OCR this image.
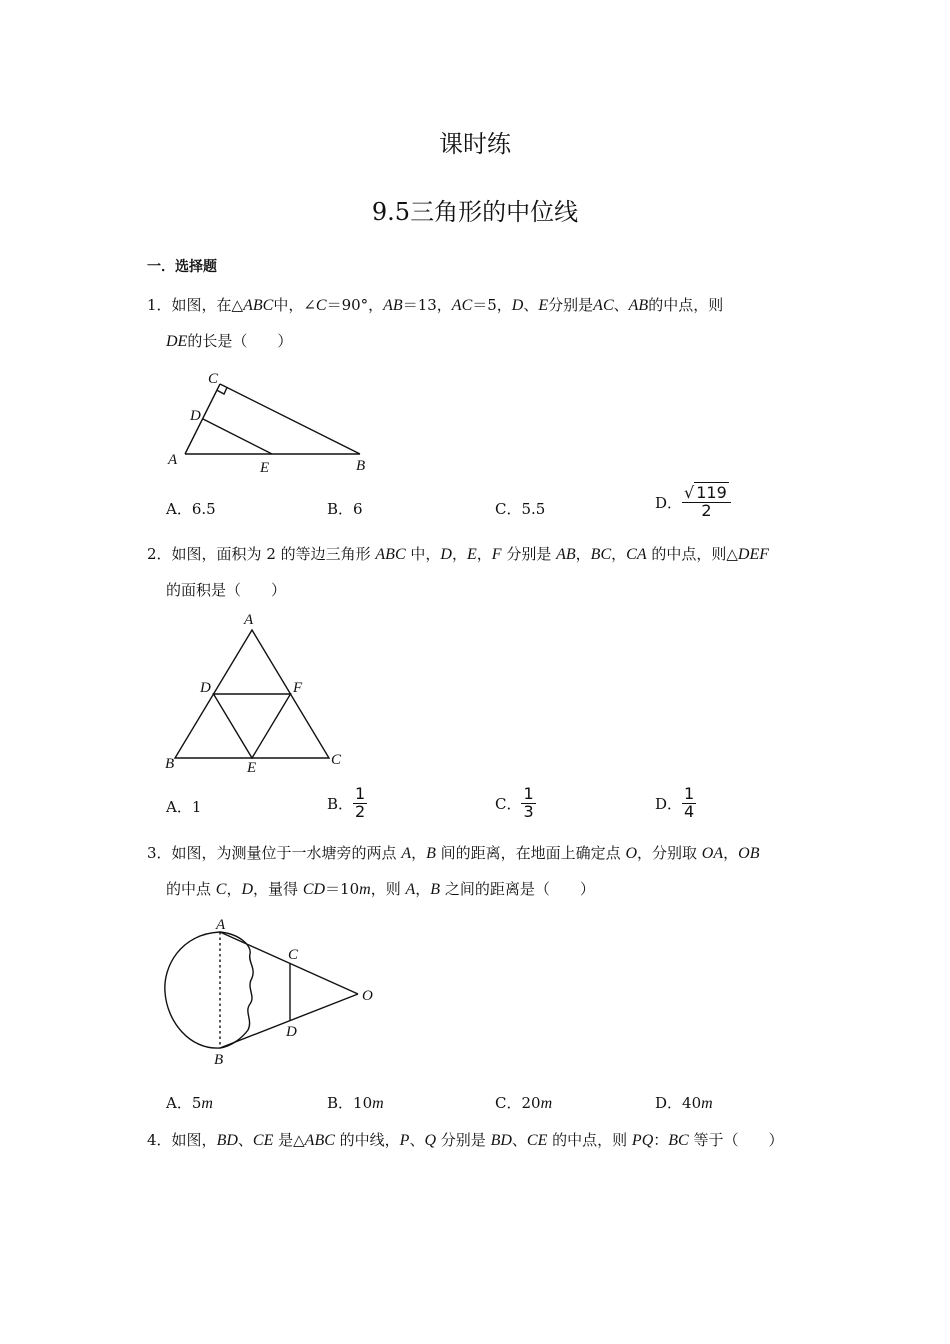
课时练
9.5三角形的中位线
一．选择题
1．如图，在△ABC中，∠C＝90°，AB＝13，AC＝5，D、E分别是AC、AB的中点，则
DE的长是（　　）
C
D
A	E	B
A．6.5	B．6	C．5.5	D． $\frac{√ 119}{2}$
2．如图，面积为 2 的等边三角形 ABC 中，D，E，F 分别是 AB，BC，CA 的中点，则△DEF
的面积是（　　）
A
D	F
B	E	C
A．1	B． $\frac{1}{2}$	C． $\frac{1}{3}$	D． $\frac{1}{4}$
3．如图，为测量位于一水塘旁的两点 A，B 间的距离，在地面上确定点 O，分别取 OA，OB
的中点 C，D，量得 CD＝10m，则 A，B 之间的距离是（　　）
A
C
O
D
B
A．5m	B．10m	C．20m	D．40m
4．如图，BD、CE 是△ABC 的中线，P、Q 分别是 BD、CE 的中点，则 PQ：BC 等于（　　）
